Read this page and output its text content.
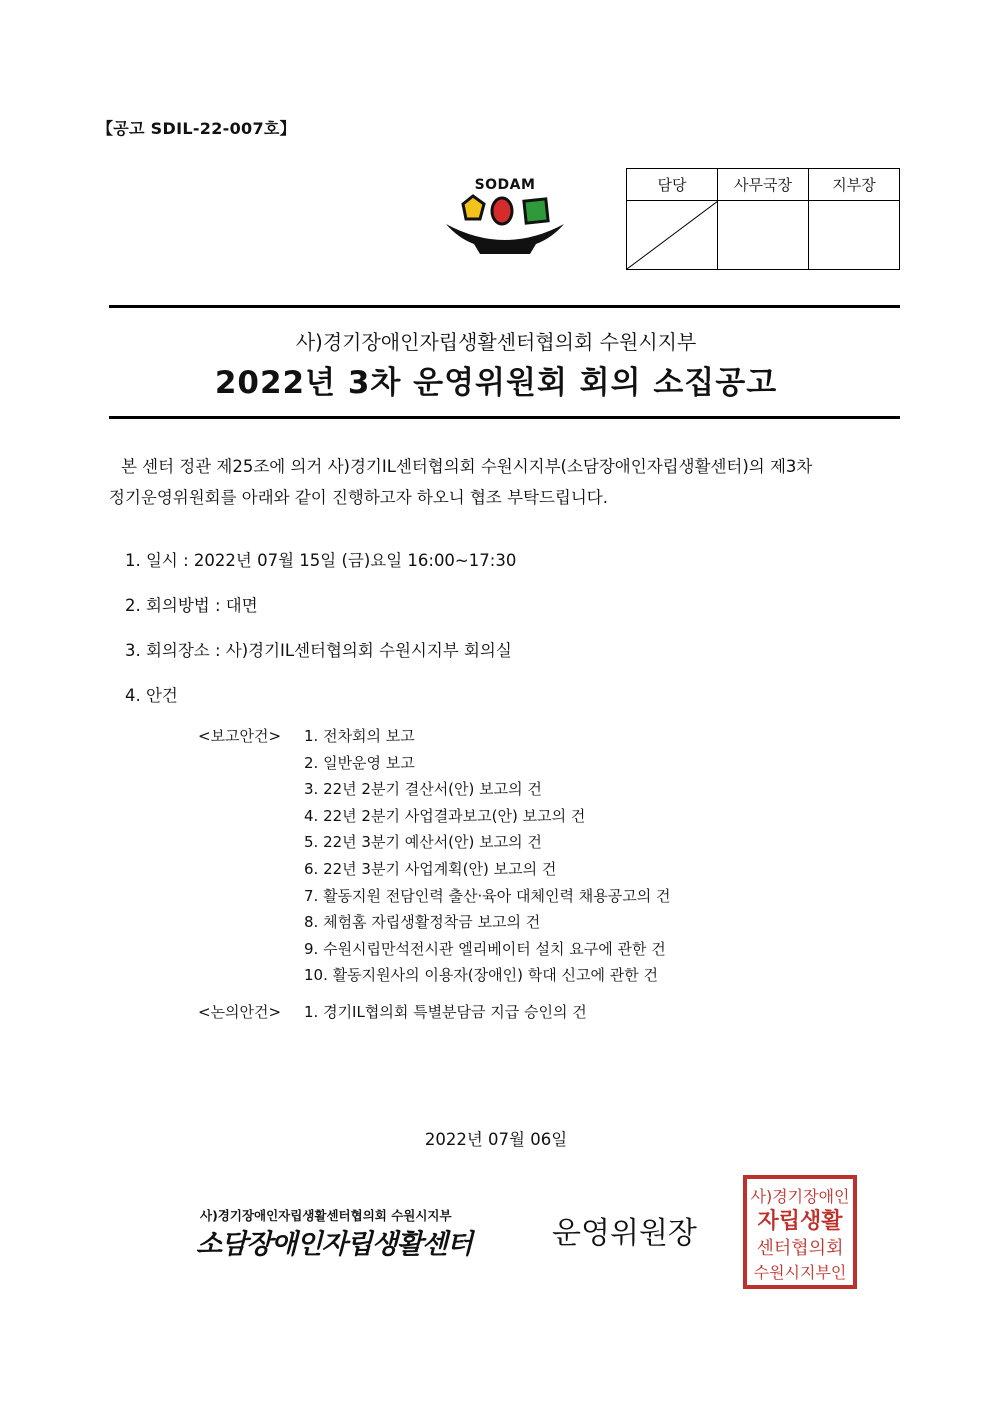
【공고 SDIL-22-007호】
SODAM	담당	사무국장	지부장

사)경기장애인자립생활센터협의회 수원시지부
2022년 3차 운영위원회 회의 소집공고
본 센터 정관 제25조에 의거 사)경기IL센터협의회 수원시지부(소담장애인자립생활센터)의 제3차
정기운영위원회를 아래와 같이 진행하고자 하오니 협조 부탁드립니다.
1. 일시 : 2022년 07월 15일 (금)요일 16:00~17:30
2. 회의방법 : 대면
3. 회의장소 : 사)경기IL센터협의회 수원시지부 회의실
4. 안건
<보고안건> 1. 전차회의 보고
2. 일반운영 보고
3. 22년 2분기 결산서(안) 보고의 건
4. 22년 2분기 사업결과보고(안) 보고의 건
5. 22년 3분기 예산서(안) 보고의 건
6. 22년 3분기 사업계획(안) 보고의 건
7. 활동지원 전담인력 출산·육아 대체인력 채용공고의 건
8. 체험홈 자립생활정착금 보고의 건
9. 수원시립만석전시관 엘리베이터 설치 요구에 관한 건
10. 활동지원사의 이용자(장애인) 학대 신고에 관한 건
<논의안건> 1. 경기IL협의회 특별분담금 지급 승인의 건
2022년 07월 06일
사)경기장애인자립생활센터협의회 수원시지부
소담장애인자립생활센터	운영위원장
사)경기장애인
자립생활
센터협의회
수원시지부인
